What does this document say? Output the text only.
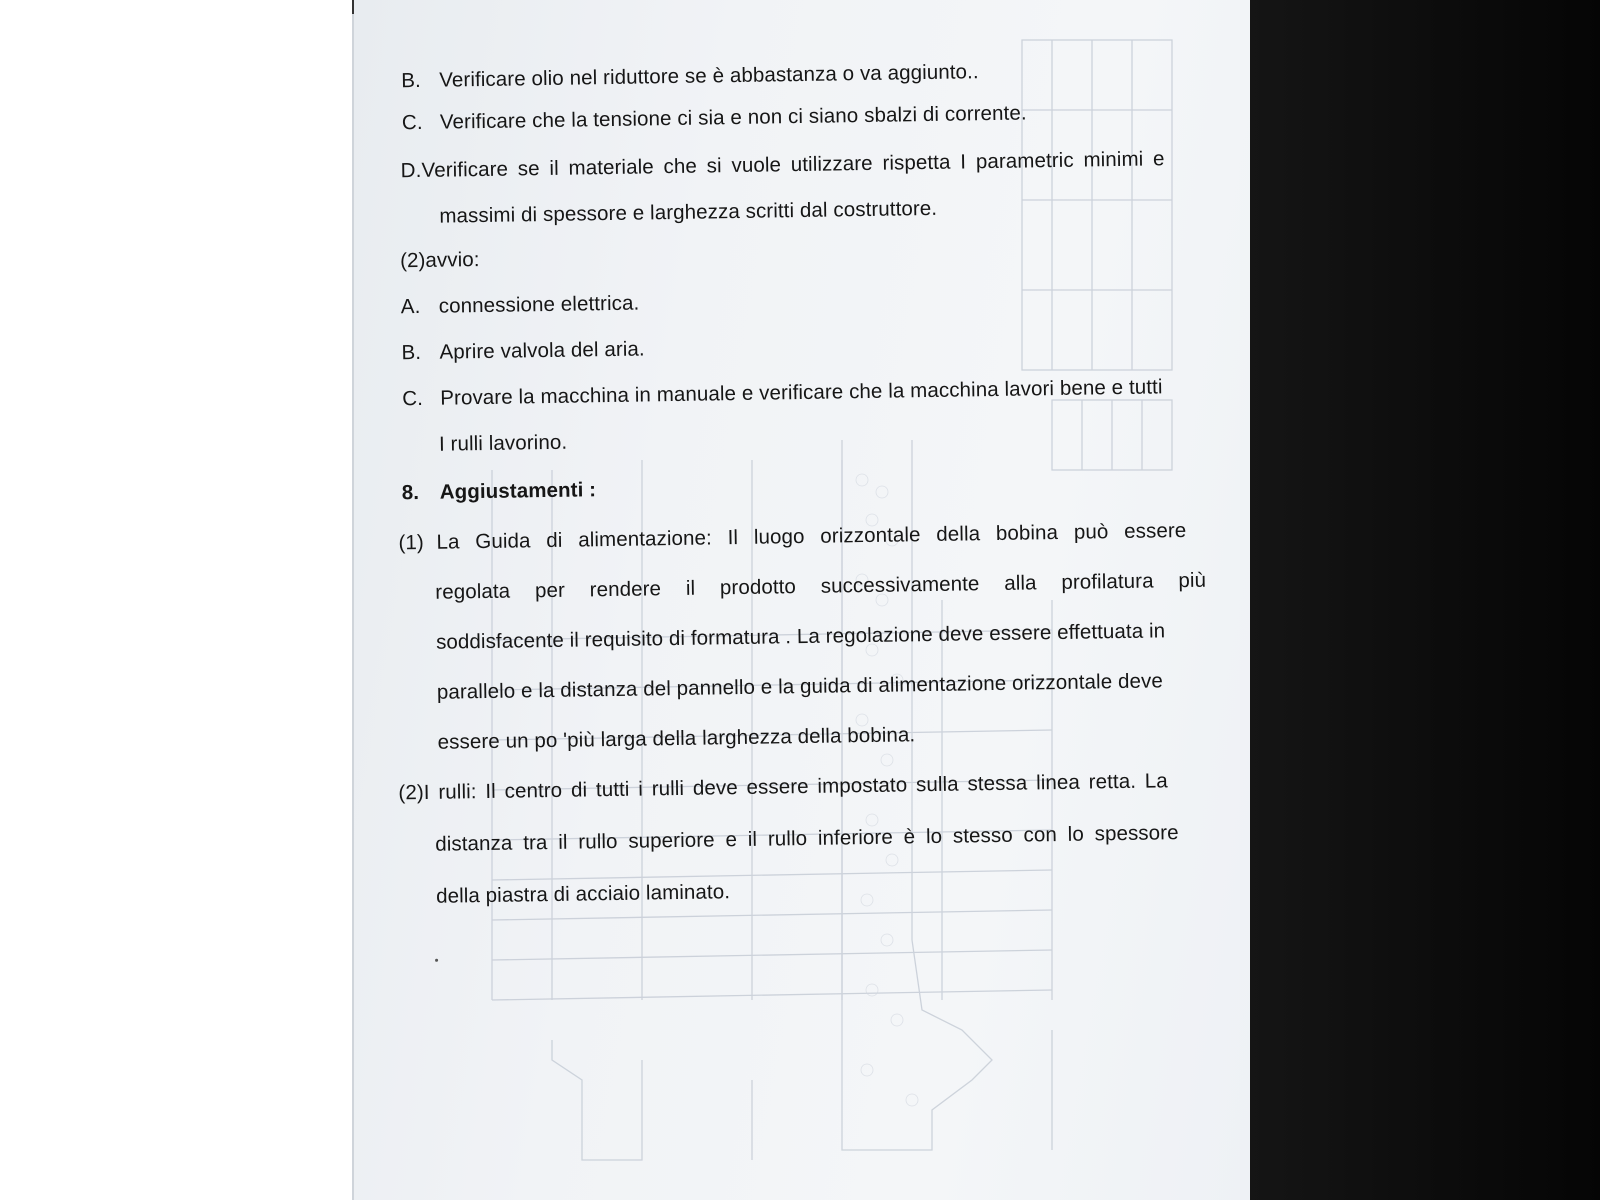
B. Verificare olio nel riduttore se è abbastanza o va aggiunto..
C. Verificare che la tensione ci sia e non ci siano sbalzi di corrente.
D. Verificare se il materiale che si vuole utilizzare rispetta I parametric minimi e
massimi di spessore e larghezza scritti dal costruttore.
(2)avvio:
A. connessione elettrica.
B. Aprire valvola del aria.
C. Provare la macchina in manuale e verificare che la macchina lavori bene e tutti
I rulli lavorino.
8. Aggiustamenti :
(1) La Guida di alimentazione: Il luogo orizzontale della bobina può essere
regolata per rendere il prodotto successivamente alla profilatura più
soddisfacente il requisito di formatura . La regolazione deve essere effettuata in
parallelo e la distanza del pannello e la guida di alimentazione orizzontale deve
essere un po 'più larga della larghezza della bobina.
(2)I rulli: Il centro di tutti i rulli deve essere impostato sulla stessa linea retta. La
distanza tra il rullo superiore e il rullo inferiore è lo stesso con lo spessore
della piastra di acciaio laminato.
